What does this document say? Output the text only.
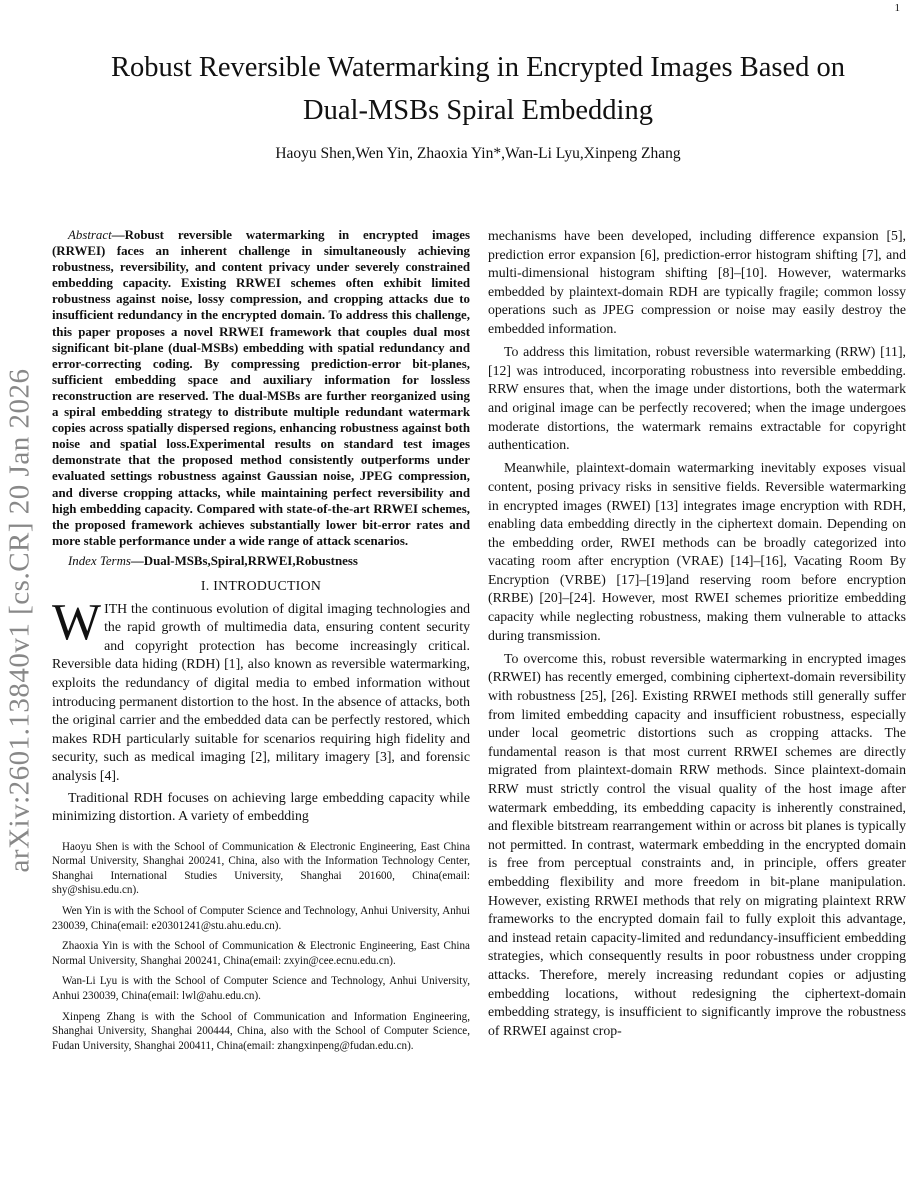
1
arXiv:2601.13840v1 [cs.CR] 20 Jan 2026
Robust Reversible Watermarking in Encrypted Images Based on
Dual-MSBs Spiral Embedding

Haoyu Shen,Wen Yin, Zhaoxia Yin*,Wan-Li Lyu,Xinpeng Zhang

Abstract—Robust reversible watermarking in encrypted images (RRWEI) faces an inherent challenge in simultaneously achieving robustness, reversibility, and content privacy under severely constrained embedding capacity. Existing RRWEI schemes often exhibit limited robustness against noise, lossy compression, and cropping attacks due to insufficient redundancy in the encrypted domain. To address this challenge, this paper proposes a novel RRWEI framework that couples dual most significant bit-plane (dual-MSBs) embedding with spatial redundancy and error-correcting coding. By compressing prediction-error bit-planes, sufficient embedding space and auxiliary information for lossless reconstruction are reserved. The dual-MSBs are further reorganized using a spiral embedding strategy to distribute multiple redundant watermark copies across spatially dispersed regions, enhancing robustness against both noise and spatial loss.Experimental results on standard test images demonstrate that the proposed method consistently outperforms under evaluated settings robustness against Gaussian noise, JPEG compression, and diverse cropping attacks, while maintaining perfect reversibility and high embedding capacity. Compared with state-of-the-art RRWEI schemes, the proposed framework achieves substantially lower bit-error rates and more stable performance under a wide range of attack scenarios.

Index Terms—Dual-MSBs,Spiral,RRWEI,Robustness

I. INTRODUCTION

WITH the continuous evolution of digital imaging technologies and the rapid growth of multimedia data, ensuring content security and copyright protection has become increasingly critical. Reversible data hiding (RDH) [1], also known as reversible watermarking, exploits the redundancy of digital media to embed information without introducing permanent distortion to the host. In the absence of attacks, both the original carrier and the embedded data can be perfectly restored, which makes RDH particularly suitable for scenarios requiring high fidelity and security, such as medical imaging [2], military imagery [3], and forensic analysis [4].

Traditional RDH focuses on achieving large embedding capacity while minimizing distortion. A variety of embedding

Haoyu Shen is with the School of Communication & Electronic Engineering, East China Normal University, Shanghai 200241, China, also with the Information Technology Center, Shanghai International Studies University, Shanghai 201600, China(email: shy@shisu.edu.cn).

Wen Yin is with the School of Computer Science and Technology, Anhui University, Anhui 230039, China(email: e20301241@stu.ahu.edu.cn).

Zhaoxia Yin is with the School of Communication & Electronic Engineering, East China Normal University, Shanghai 200241, China(email: zxyin@cee.ecnu.edu.cn).

Wan-Li Lyu is with the School of Computer Science and Technology, Anhui University, Anhui 230039, China(email: lwl@ahu.edu.cn).

Xinpeng Zhang is with the School of Communication and Information Engineering, Shanghai University, Shanghai 200444, China, also with the School of Computer Science, Fudan University, Shanghai 200411, China(email: zhangxinpeng@fudan.edu.cn).

mechanisms have been developed, including difference expansion [5], prediction error expansion [6], prediction-error histogram shifting [7], and multi-dimensional histogram shifting [8]–[10]. However, watermarks embedded by plaintext-domain RDH are typically fragile; common lossy operations such as JPEG compression or noise may easily destroy the embedded information.

To address this limitation, robust reversible watermarking (RRW) [11], [12] was introduced, incorporating robustness into reversible embedding. RRW ensures that, when the image under distortions, both the watermark and original image can be perfectly recovered; when the image undergoes moderate distortions, the watermark remains extractable for copyright authentication.

Meanwhile, plaintext-domain watermarking inevitably exposes visual content, posing privacy risks in sensitive fields. Reversible watermarking in encrypted images (RWEI) [13] integrates image encryption with RDH, enabling data embedding directly in the ciphertext domain. Depending on the embedding order, RWEI methods can be broadly categorized into vacating room after encryption (VRAE) [14]–[16], Vacating Room By Encryption (VRBE) [17]–[19]and reserving room before encryption (RRBE) [20]–[24]. However, most RWEI schemes prioritize embedding capacity while neglecting robustness, making them vulnerable to attacks during transmission.

To overcome this, robust reversible watermarking in encrypted images (RRWEI) has recently emerged, combining ciphertext-domain reversibility with robustness [25], [26]. Existing RRWEI methods still generally suffer from limited embedding capacity and insufficient robustness, especially under local geometric distortions such as cropping attacks. The fundamental reason is that most current RRWEI schemes are directly migrated from plaintext-domain RRW methods. Since plaintext-domain RRW must strictly control the visual quality of the host image after watermark embedding, its embedding capacity is inherently constrained, and flexible bitstream rearrangement within or across bit planes is typically not permitted. In contrast, watermark embedding in the encrypted domain is free from perceptual constraints and, in principle, offers greater embedding flexibility and more freedom in bit-plane manipulation. However, existing RRWEI methods that rely on migrating plaintext RRW frameworks to the encrypted domain fail to fully exploit this advantage, and instead retain capacity-limited and redundancy-insufficient embedding strategies, which consequently results in poor robustness under cropping attacks. Therefore, merely increasing redundant copies or adjusting embedding locations, without redesigning the ciphertext-domain embedding strategy, is insufficient to significantly improve the robustness of RRWEI against crop-
